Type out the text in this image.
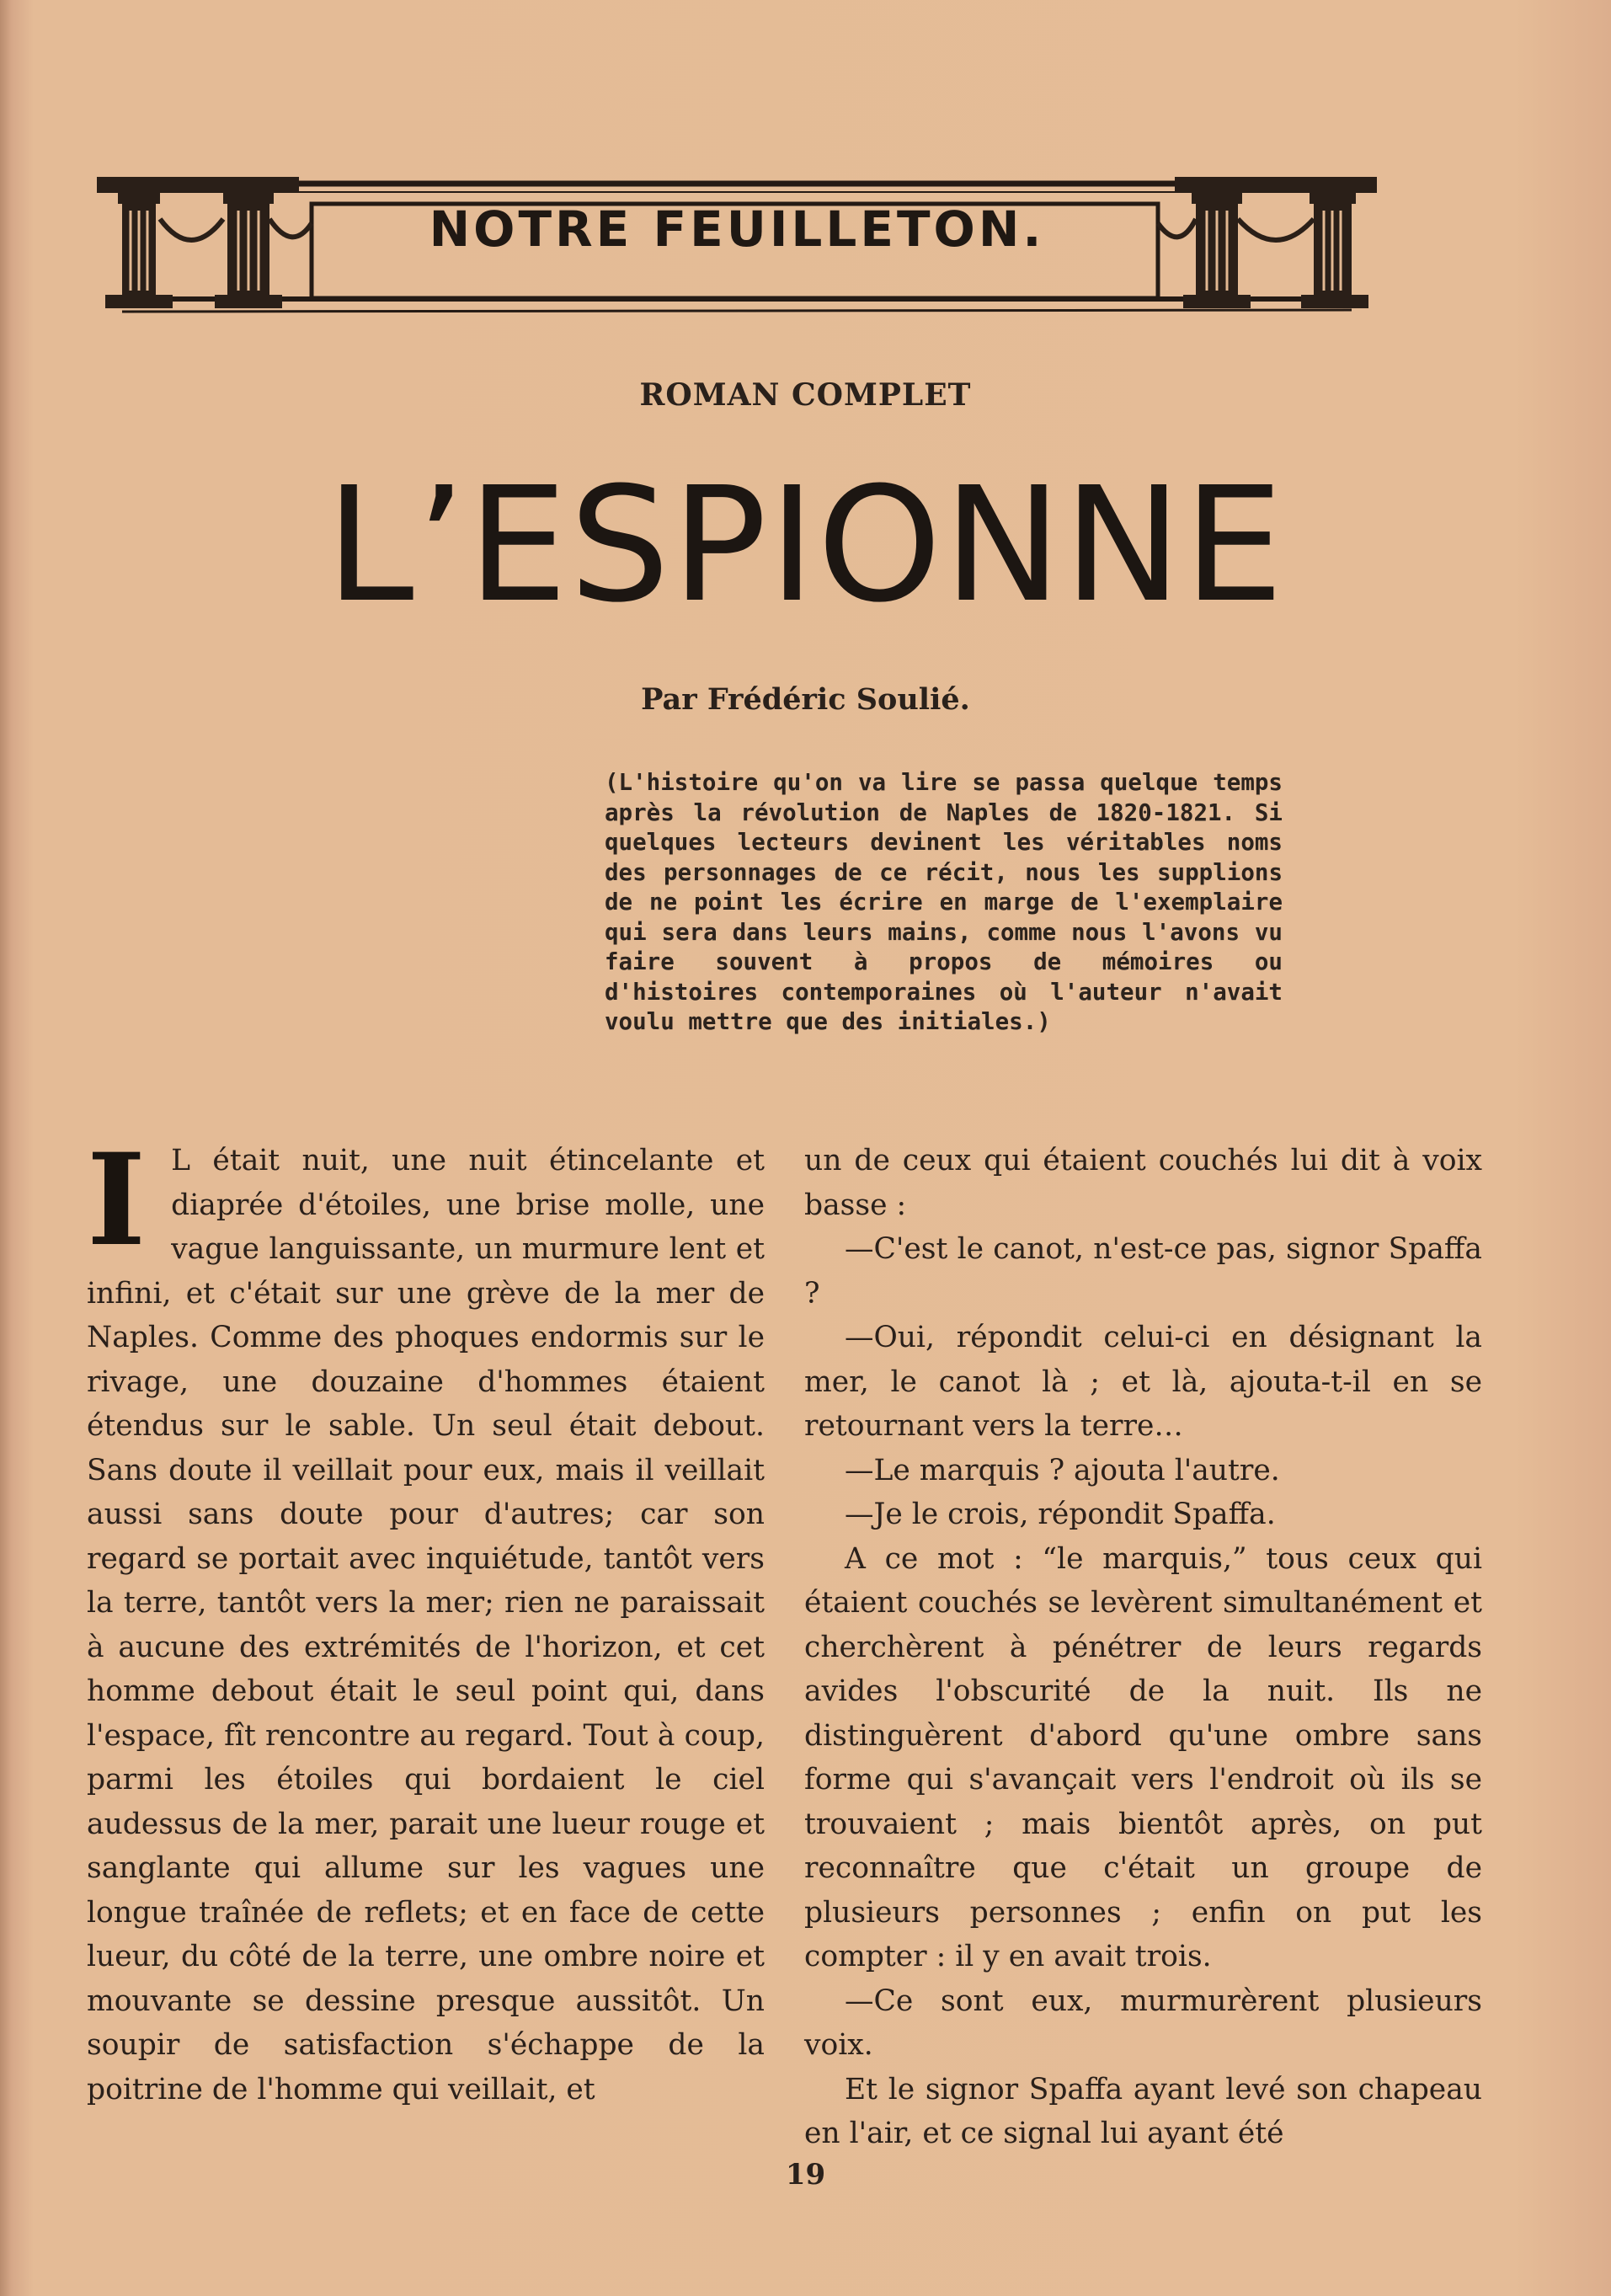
NOTRE FEUILLETON.
ROMAN COMPLET
L’ESPIONNE
Par Frédéric Soulié.
(L'histoire qu'on va lire se passa quelque temps après la révolution de Naples de 1820-1821. Si quelques lecteurs devinent les véritables noms des personnages de ce récit, nous les supplions de ne point les écrire en marge de l'exemplaire qui sera dans leurs mains, comme nous l'avons vu faire souvent à propos de mémoires ou d'histoires contemporaines où l'auteur n'avait voulu mettre que des initiales.)

I L était nuit, une nuit étincelante et diaprée d'étoiles, une brise molle, une vague languissante, un murmure lent et infini, et c'était sur une grève de la mer de Naples. Comme des phoques endormis sur le rivage, une douzaine d'hommes étaient étendus sur le sable. Un seul était debout. Sans doute il veillait pour eux, mais il veillait aussi sans doute pour d'autres; car son regard se portait avec inquiétude, tantôt vers la terre, tantôt vers la mer; rien ne paraissait à aucune des extrémités de l'horizon, et cet homme debout était le seul point qui, dans l'espace, fît rencontre au regard. Tout à coup, parmi les étoiles qui bordaient le ciel audessus de la mer, parait une lueur rouge et sanglante qui allume sur les vagues une longue traînée de reflets; et en face de cette lueur, du côté de la terre, une ombre noire et mouvante se dessine presque aussitôt. Un soupir de satisfaction s'échappe de la poitrine de l'homme qui veillait, et

un de ceux qui étaient couchés lui dit à voix basse :

—C'est le canot, n'est-ce pas, signor Spaffa ?

—Oui, répondit celui-ci en désignant la mer, le canot là ; et là, ajouta-t-il en se retournant vers la terre…

—Le marquis ? ajouta l'autre.

—Je le crois, répondit Spaffa.

A ce mot : “le marquis,” tous ceux qui étaient couchés se levèrent simultanément et cherchèrent à pénétrer de leurs regards avides l'obscurité de la nuit. Ils ne distinguèrent d'abord qu'une ombre sans forme qui s'avançait vers l'endroit où ils se trouvaient ; mais bientôt après, on put reconnaître que c'était un groupe de plusieurs personnes ; enfin on put les compter : il y en avait trois.

—Ce sont eux, murmurèrent plusieurs voix.

Et le signor Spaffa ayant levé son chapeau en l'air, et ce signal lui ayant été

19
